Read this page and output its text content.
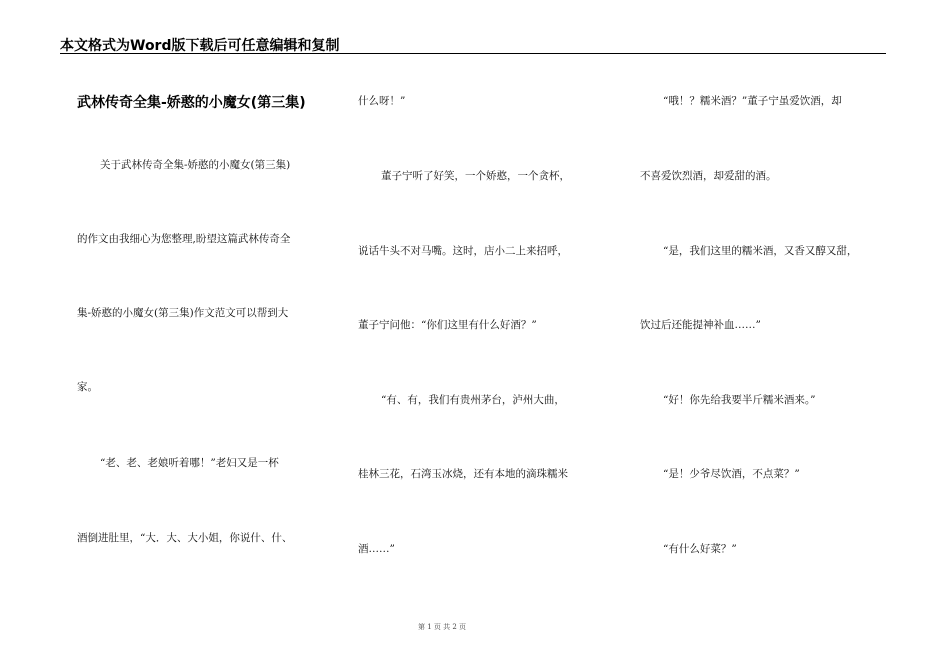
本文格式为Word版下载后可任意编辑和复制
武林传奇全集-娇憨的小魔女(第三集)
关于武林传奇全集-娇憨的小魔女(第三集)
的作文由我细心为您整理,盼望这篇武林传奇全
集-娇憨的小魔女(第三集)作文范文可以帮到大
家。
“老、老、老娘听着哪！”老妇又是一杯
酒倒进肚里，“大．大、大小姐，你说什、什、
什么呀！”
董子宁听了好笑，一个娇憨，一个贪杯，
说话牛头不对马嘴。这时，店小二上来招呼，
董子宁问他：“你们这里有什么好酒？”
“有、有，我们有贵州茅台，泸州大曲，
桂林三花，石湾玉冰烧，还有本地的滴珠糯米
酒……”
“哦！？糯米酒？”董子宁虽爱饮酒，却
不喜爱饮烈酒，却爱甜的酒。
“是，我们这里的糯米酒，又香又醇又甜，
饮过后还能提神补血……”
“好！你先给我要半斤糯米酒来。”
“是！少爷尽饮酒，不点菜？”
“有什么好菜？”
第 1 页 共 2 页
